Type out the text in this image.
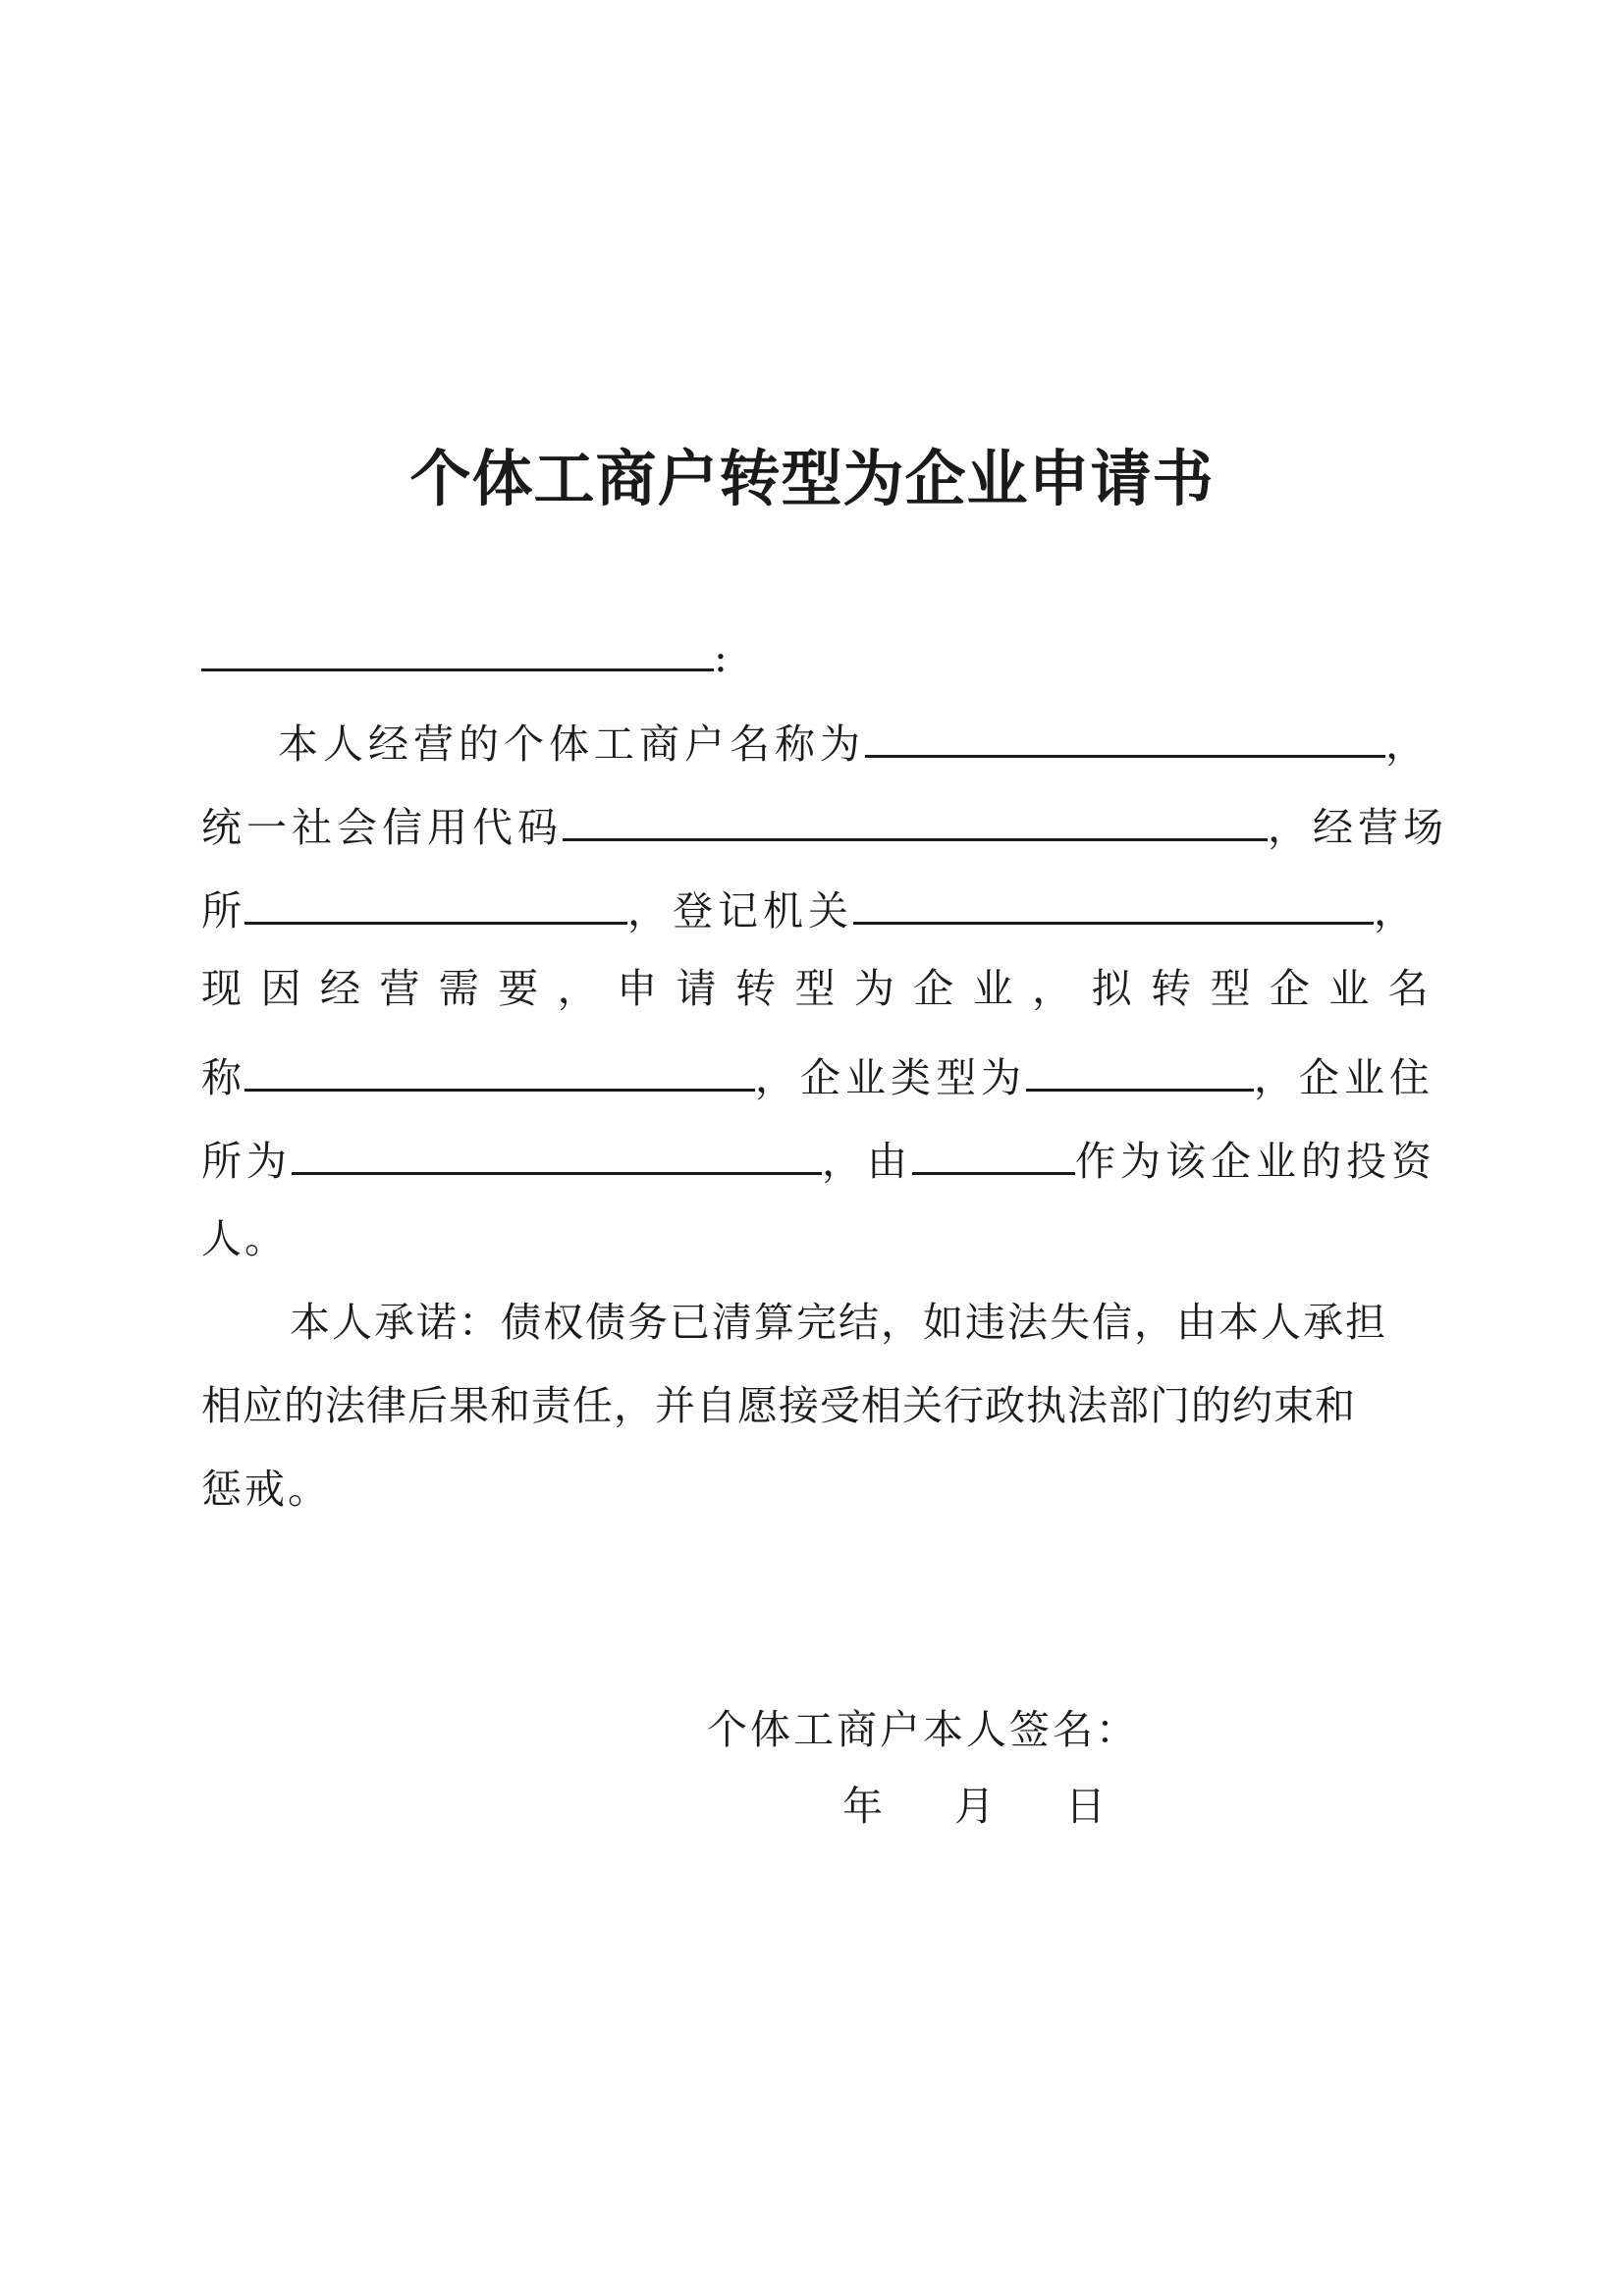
个体工商户转型为企业申请书
:
本人经营的个体工商户名称为	，
统一社会信用代码	，经营场
所	，登记机关	，
现 因 经 营 需 要 ， 申 请 转 型 为 企 业 ， 拟 转 型 企 业 名
称	，企业类型为	，企业住
所为	，由	作为该企业的投资
人。
本人承诺：债权债务已清算完结，如违法失信，由本人承担
相应的法律后果和责任，并自愿接受相关行政执法部门的约束和
惩戒。
个体工商户本人签名：
年 月 日
